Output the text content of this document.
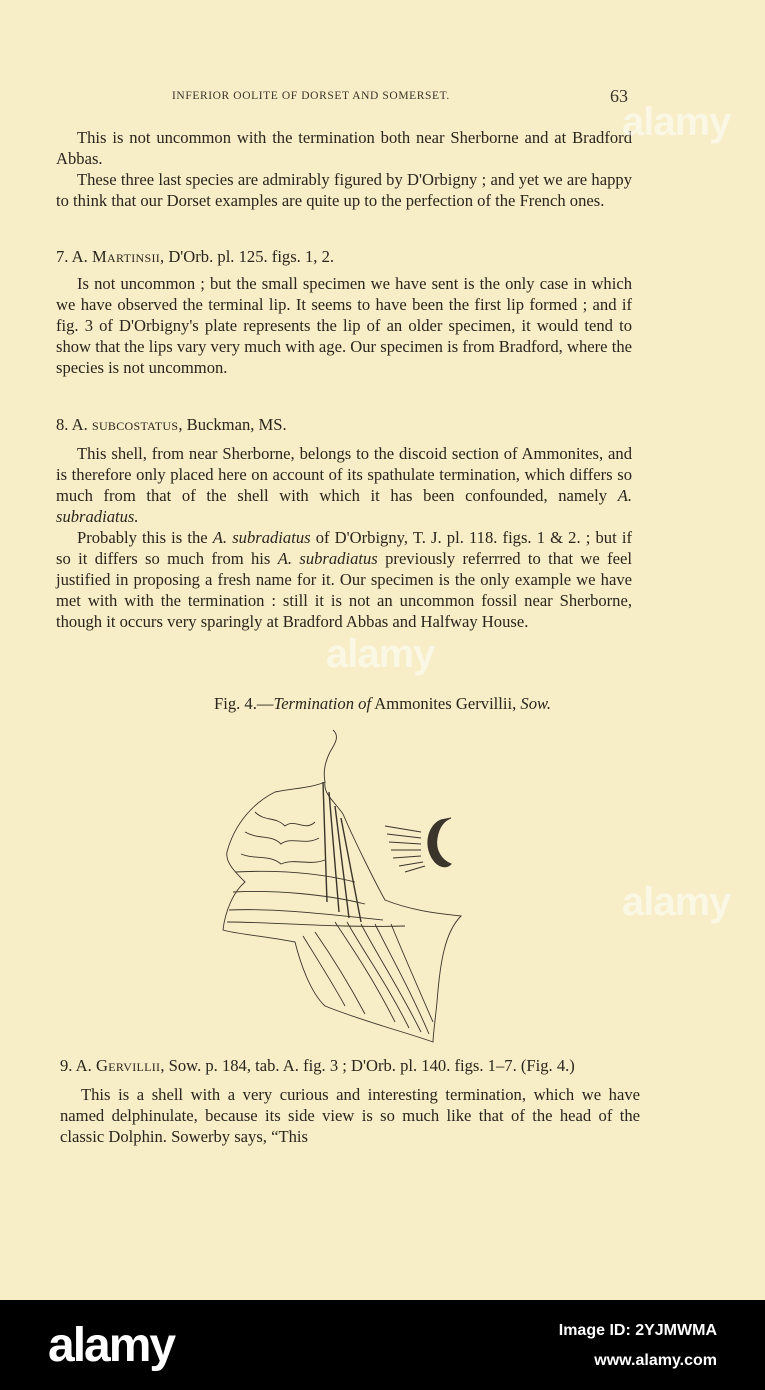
INFERIOR OOLITE OF DORSET AND SOMERSET.	63

This is not uncommon with the termination both near Sherborne and at Bradford Abbas.

These three last species are admirably figured by D'Orbigny ; and yet we are happy to think that our Dorset examples are quite up to the perfection of the French ones.

7. A. Martinsii, D'Orb. pl. 125. figs. 1, 2.

Is not uncommon ; but the small specimen we have sent is the only case in which we have observed the terminal lip. It seems to have been the first lip formed ; and if fig. 3 of D'Orbigny's plate represents the lip of an older specimen, it would tend to show that the lips vary very much with age. Our specimen is from Bradford, where the species is not uncommon.

8. A. subcostatus, Buckman, MS.

This shell, from near Sherborne, belongs to the discoid section of Ammonites, and is therefore only placed here on account of its spathulate termination, which differs so much from that of the shell with which it has been confounded, namely A. subradiatus.

Probably this is the A. subradiatus of D'Orbigny, T. J. pl. 118. figs. 1 & 2. ; but if so it differs so much from his A. subradiatus previously referrred to that we feel justified in proposing a fresh name for it. Our specimen is the only example we have met with with the termination : still it is not an uncommon fossil near Sherborne, though it occurs very sparingly at Bradford Abbas and Halfway House.

Fig. 4.—Termination of Ammonites Gervillii, Sow.

9. A. Gervillii, Sow. p. 184, tab. A. fig. 3 ; D'Orb. pl. 140. figs. 1–7. (Fig. 4.)

This is a shell with a very curious and interesting termination, which we have named delphinulate, because its side view is so much like that of the head of the classic Dolphin. Sowerby says, “This

alamy
alamy
alamy
alamy	Image ID: 2YJMWMA
www.alamy.com
